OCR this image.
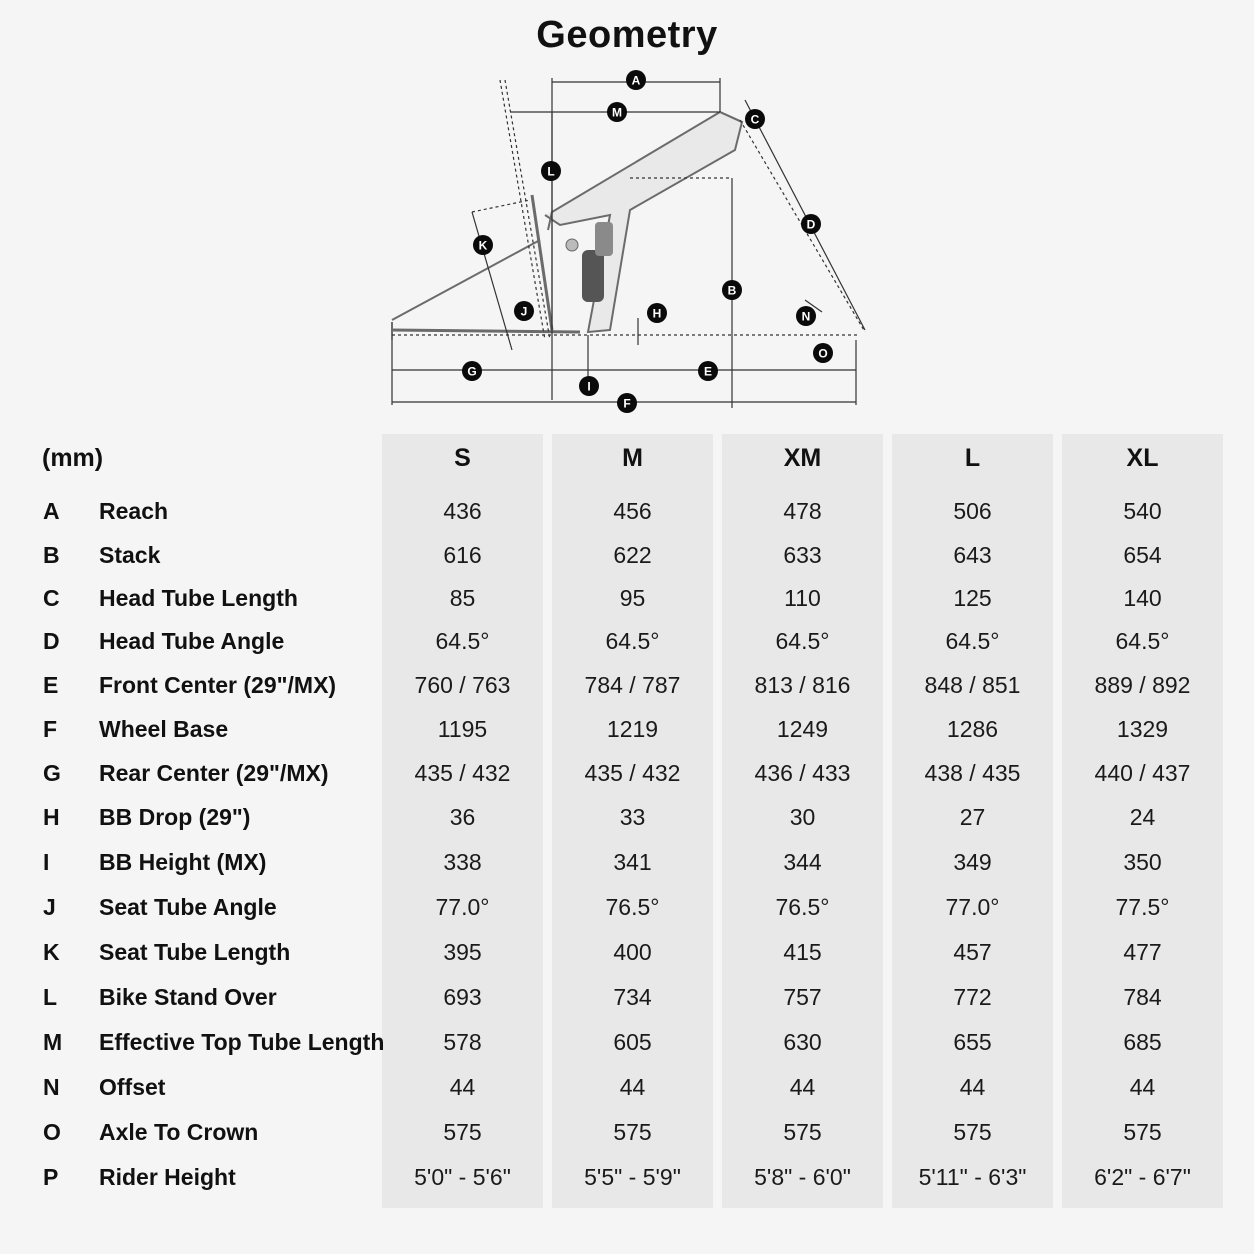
Geometry
A
M	C
L
D
K
B
J	H	N
O
G	E
I
F
(mm)	S	M	XM	L	XL
A	Reach	436	456	478	506	540
B	Stack	616	622	633	643	654
C	Head Tube Length	85	95	110	125	140
D	Head Tube Angle	64.5°	64.5°	64.5°	64.5°	64.5°
E	Front Center (29"/MX)	760 / 763	784 / 787	813 / 816	848 / 851	889 / 892
F	Wheel Base	1195	1219	1249	1286	1329
G	Rear Center (29"/MX)	435 / 432	435 / 432	436 / 433	438 / 435	440 / 437
H	BB Drop (29")	36	33	30	27	24
I	BB Height (MX)	338	341	344	349	350
J	Seat Tube Angle	77.0°	76.5°	76.5°	77.0°	77.5°
K	Seat Tube Length	395	400	415	457	477
L	Bike Stand Over	693	734	757	772	784
M	Effective Top Tube Length	578	605	630	655	685
N	Offset	44	44	44	44	44
O	Axle To Crown	575	575	575	575	575
P	Rider Height	5'0" - 5'6"	5'5" - 5'9"	5'8" - 6'0"	5'11" - 6'3"	6'2" - 6'7"
